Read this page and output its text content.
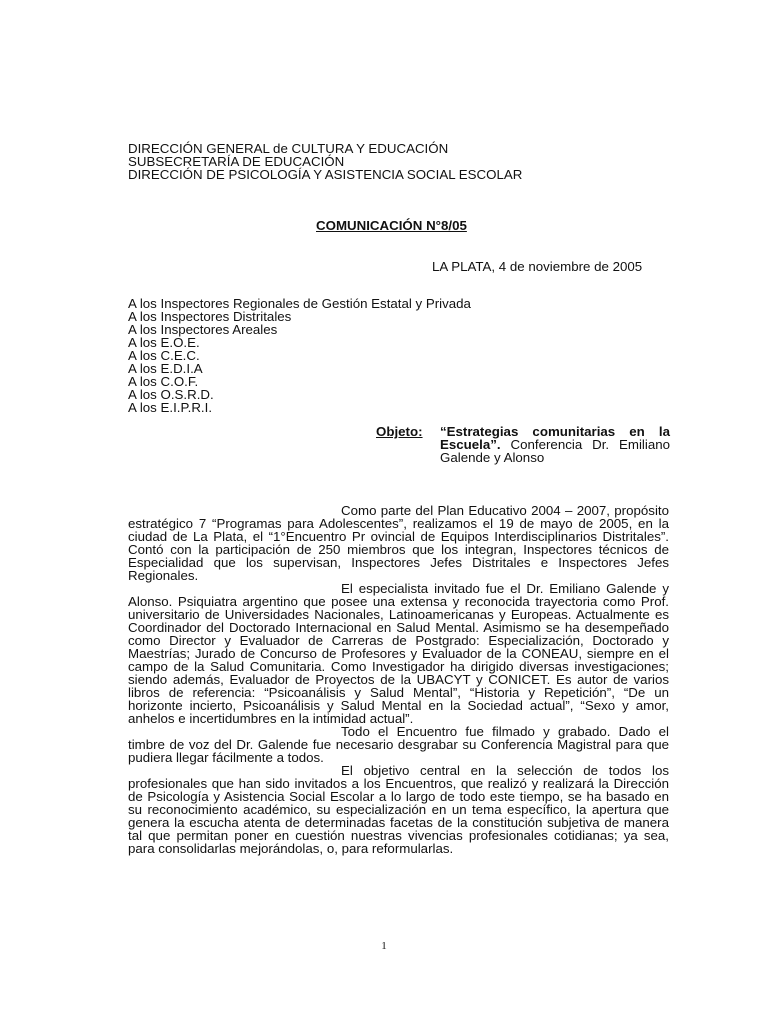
DIRECCIÓN GENERAL de CULTURA Y EDUCACIÓN
SUBSECRETARÍA DE EDUCACIÓN
DIRECCIÓN DE PSICOLOGÍA Y ASISTENCIA SOCIAL ESCOLAR
COMUNICACIÓN N°8/05
LA PLATA, 4 de noviembre de 2005
A los Inspectores Regionales de Gestión Estatal y Privada
A los Inspectores Distritales
A los Inspectores Areales
A los E.O.E.
A los C.E.C.
A los E.D.I.A
A los C.O.F.
A los O.S.R.D.
A los E.I.P.R.I.
Objeto: “Estrategias comunitarias en la Escuela”. Conferencia Dr. Emiliano Galende y Alonso

Como parte del Plan Educativo 2004 – 2007, propósito estratégico 7 “Programas para Adolescentes”, realizamos el 19 de mayo de 2005, en la ciudad de La Plata, el “1°Encuentro Pr ovincial de Equipos Interdisciplinarios Distritales”. Contó con la participación de 250 miembros que los integran, Inspectores técnicos de Especialidad que los supervisan, Inspectores Jefes Distritales e Inspectores Jefes Regionales.

El especialista invitado fue el Dr. Emiliano Galende y Alonso. Psiquiatra argentino que posee una extensa y reconocida trayectoria como Prof. universitario de Universidades Nacionales, Latinoamericanas y Europeas. Actualmente es Coordinador del Doctorado Internacional en Salud Mental. Asimismo se ha desempeñado como Director y Evaluador de Carreras de Postgrado: Especialización, Doctorado y Maestrías; Jurado de Concurso de Profesores y Evaluador de la CONEAU, siempre en el campo de la Salud Comunitaria. Como Investigador ha dirigido diversas investigaciones; siendo además, Evaluador de Proyectos de la UBACYT y CONICET. Es autor de varios libros de referencia: “Psicoanálisis y Salud Mental”, “Historia y Repetición”, “De un horizonte incierto, Psicoanálisis y Salud Mental en la Sociedad actual”, “Sexo y amor, anhelos e incertidumbres en la intimidad actual”.

Todo el Encuentro fue filmado y grabado. Dado el timbre de voz del Dr. Galende fue necesario desgrabar su Conferencia Magistral para que pudiera llegar fácilmente a todos.

El objetivo central en la selección de todos los profesionales que han sido invitados a los Encuentros, que realizó y realizará la Dirección de Psicología y Asistencia Social Escolar a lo largo de todo este tiempo, se ha basado en su reconocimiento académico, su especialización en un tema específico, la apertura que genera la escucha atenta de determinadas facetas de la constitución subjetiva de manera tal que permitan poner en cuestión nuestras vivencias profesionales cotidianas; ya sea, para consolidarlas mejorándolas, o, para reformularlas.

1
